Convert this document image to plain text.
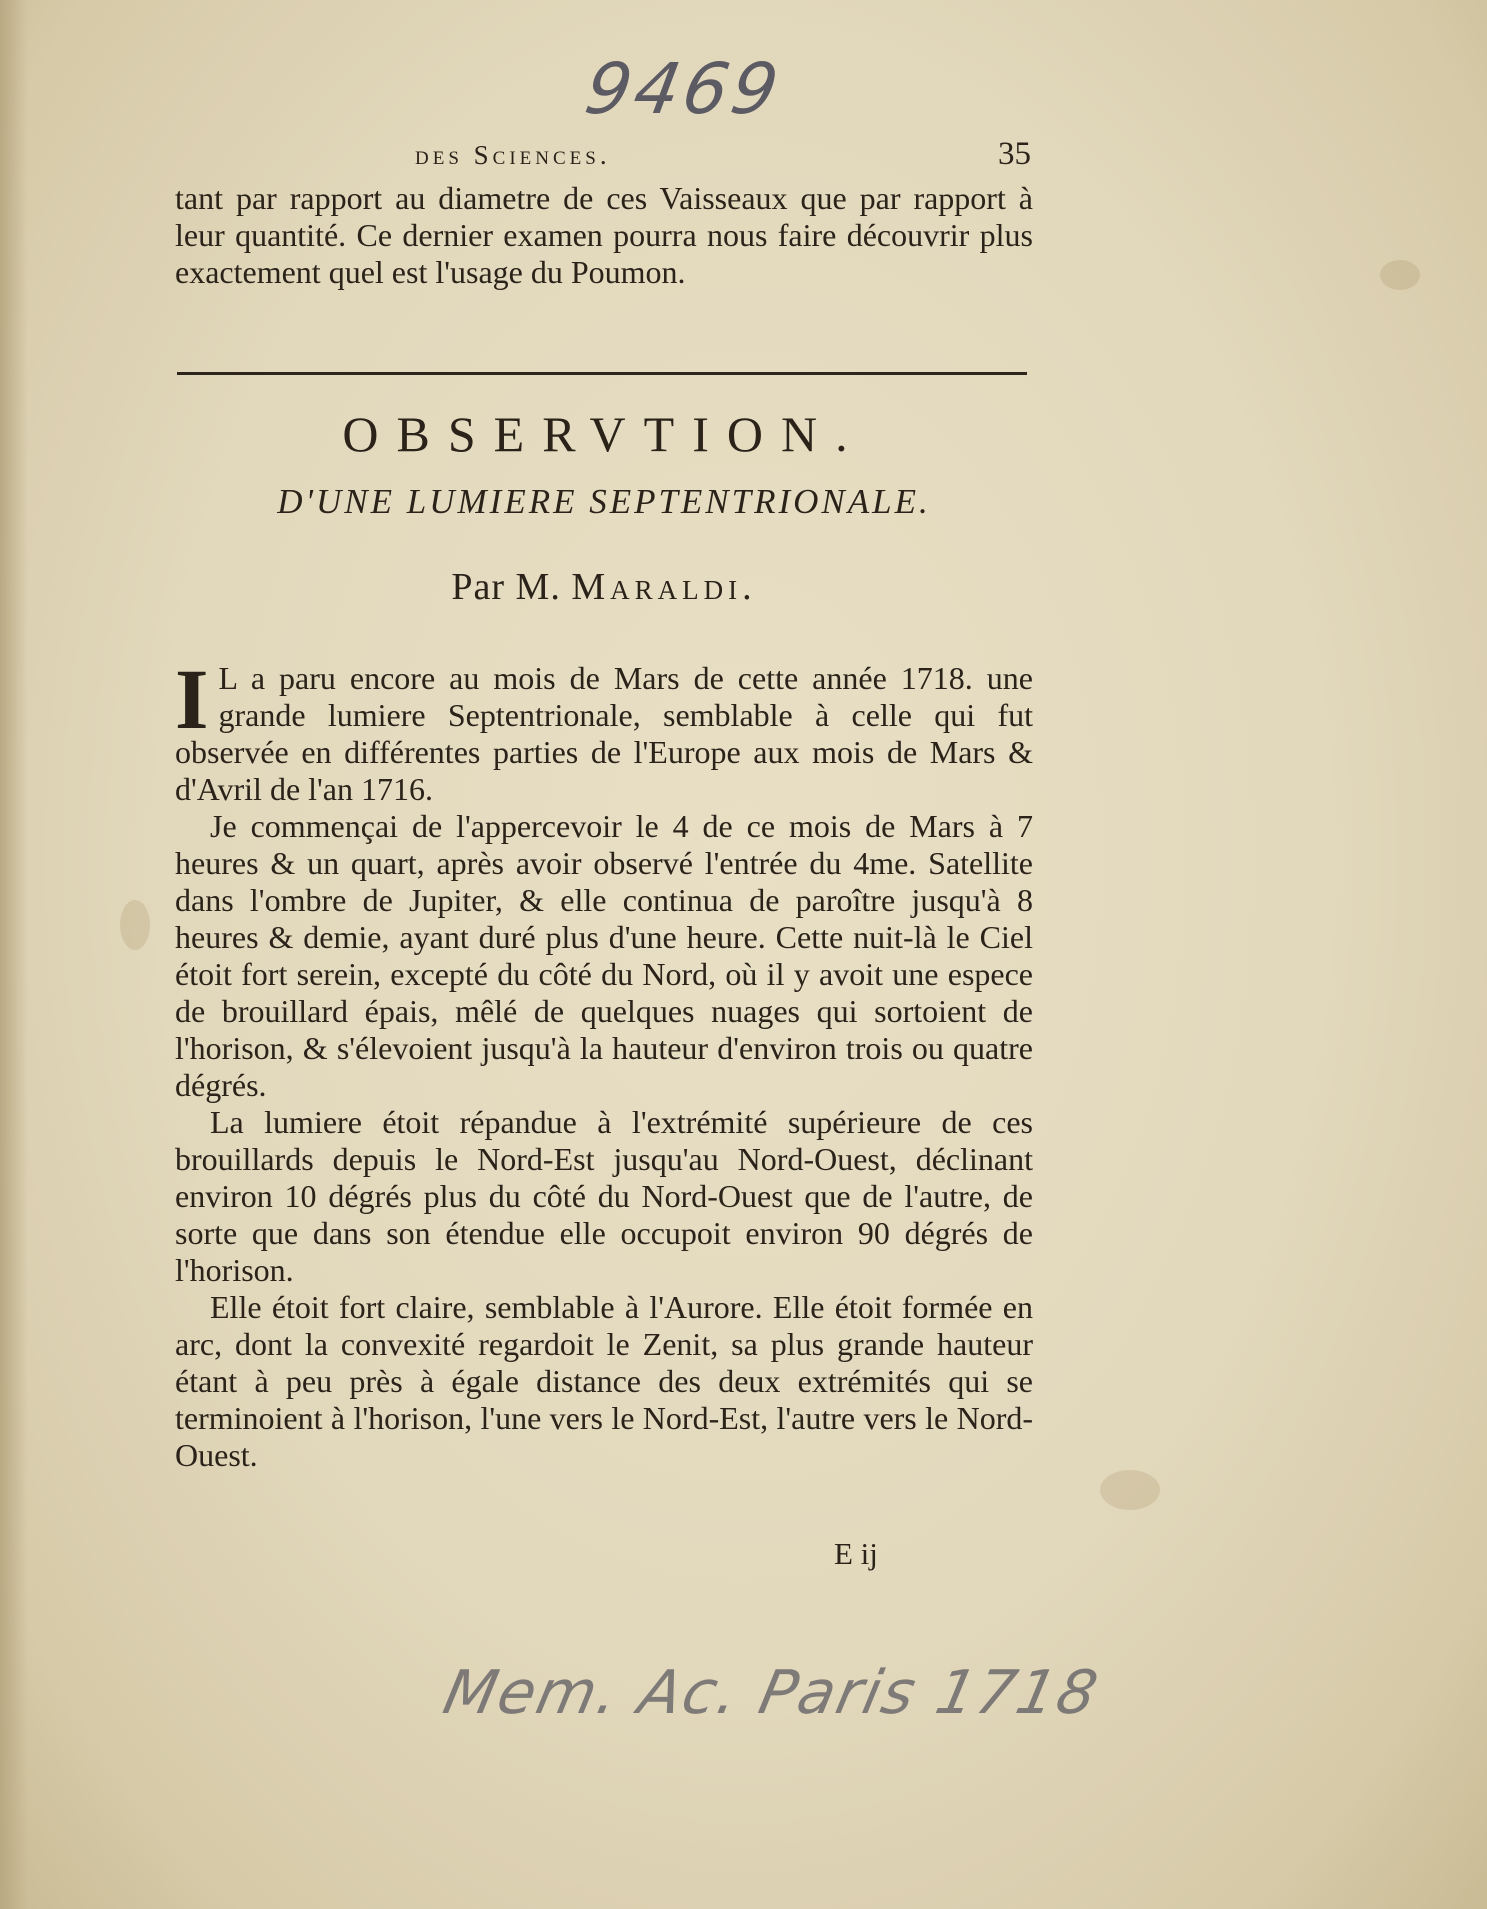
9469
des Sciences.	35
tant par rapport au diametre de ces Vaisseaux que par rapport à leur quantité. Ce dernier examen pourra nous faire découvrir plus exactement quel est l'usage du Poumon.
OBSERVTION.
D'UNE LUMIERE SEPTENTRIONALE.
Par M. Maraldi.

I L a paru encore au mois de Mars de cette année 1718. une grande lumiere Septentrionale, semblable à celle qui fut observée en différentes parties de l'Europe aux mois de Mars & d'Avril de l'an 1716.

Je commençai de l'appercevoir le 4 de ce mois de Mars à 7 heures & un quart, après avoir observé l'entrée du 4me. Satellite dans l'ombre de Jupiter, & elle continua de paroître jusqu'à 8 heures & demie, ayant duré plus d'une heure. Cette nuit-là le Ciel étoit fort serein, excepté du côté du Nord, où il y avoit une espece de brouillard épais, mêlé de quelques nuages qui sortoient de l'horison, & s'élevoient jusqu'à la hauteur d'environ trois ou quatre dégrés.

La lumiere étoit répandue à l'extrémité supérieure de ces brouillards depuis le Nord-Est jusqu'au Nord-Ouest, déclinant environ 10 dégrés plus du côté du Nord-Ouest que de l'autre, de sorte que dans son étendue elle occupoit environ 90 dégrés de l'horison.

Elle étoit fort claire, semblable à l'Aurore. Elle étoit formée en arc, dont la convexité regardoit le Zenit, sa plus grande hauteur étant à peu près à égale distance des deux extrémités qui se terminoient à l'horison, l'une vers le Nord-Est, l'autre vers le Nord-Ouest.

E ij
Mem. Ac. Paris 1718
